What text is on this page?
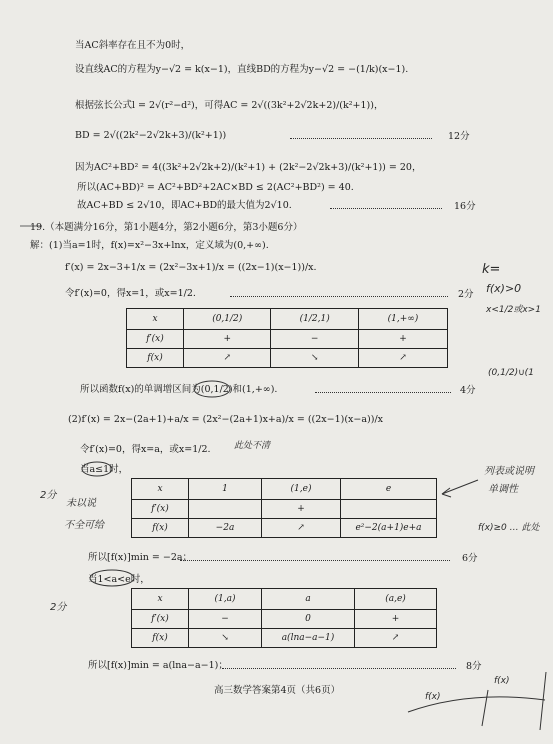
当AC斜率存在且不为0时，
设直线AC的方程为y−√2 = k(x−1)，直线BD的方程为y−√2 = −(1/k)(x−1).
根据弦长公式l = 2√(r²−d²)，可得AC = 2√((3k²+2√2k+2)/(k²+1))，
BD = 2√((2k²−2√2k+3)/(k²+1))	12分
因为AC²+BD² = 4((3k²+2√2k+2)/(k²+1) + (2k²−2√2k+3)/(k²+1)) = 20，
所以(AC+BD)² = AC²+BD²+2AC×BD ≤ 2(AC²+BD²) = 40.
故AC+BD ≤ 2√10，即AC+BD的最大值为2√10.	16分
19.（本题满分16分，第1小题4分，第2小题6分，第3小题6分）
解：(1)当a=1时，f(x)=x²−3x+lnx，定义域为(0,+∞).
f′(x) = 2x−3+1/x = (2x²−3x+1)/x = ((2x−1)(x−1))/x.
令f′(x)=0，得x=1，或x=1/2.	2分
x	(0,1/2)	(1/2,1)	(1,+∞)
f′(x)	+	−	+
f(x)	↗	↘	↗
所以函数f(x)的单调增区间为(0,1/2)和(1,+∞).	4分
(2)f′(x) = 2x−(2a+1)+a/x = (2x²−(2a+1)x+a)/x = ((2x−1)(x−a))/x
令f′(x)=0，得x=a，或x=1/2.
当a≤1时，
x	1	(1,e)	e
f′(x)		+	
f(x)	−2a	↗	e²−2(a+1)e+a
所以[f(x)]min = −2a；	6分
当1<a<e时，
x	(1,a)	a	(a,e)
f′(x)	−	0	+
f(x)	↘	a(lna−a−1)	↗
所以[f(x)]min = a(lna−a−1)；	8分
高三数学答案第4页（共6页）
k=
f(x)>0
x<1/2或x>1
(0,1/2)∪(1
此处不清
2分
未以说
不全可给
列表或说明
单调性
f(x)≥0 … 此处
2分
f(x)
f(x)
